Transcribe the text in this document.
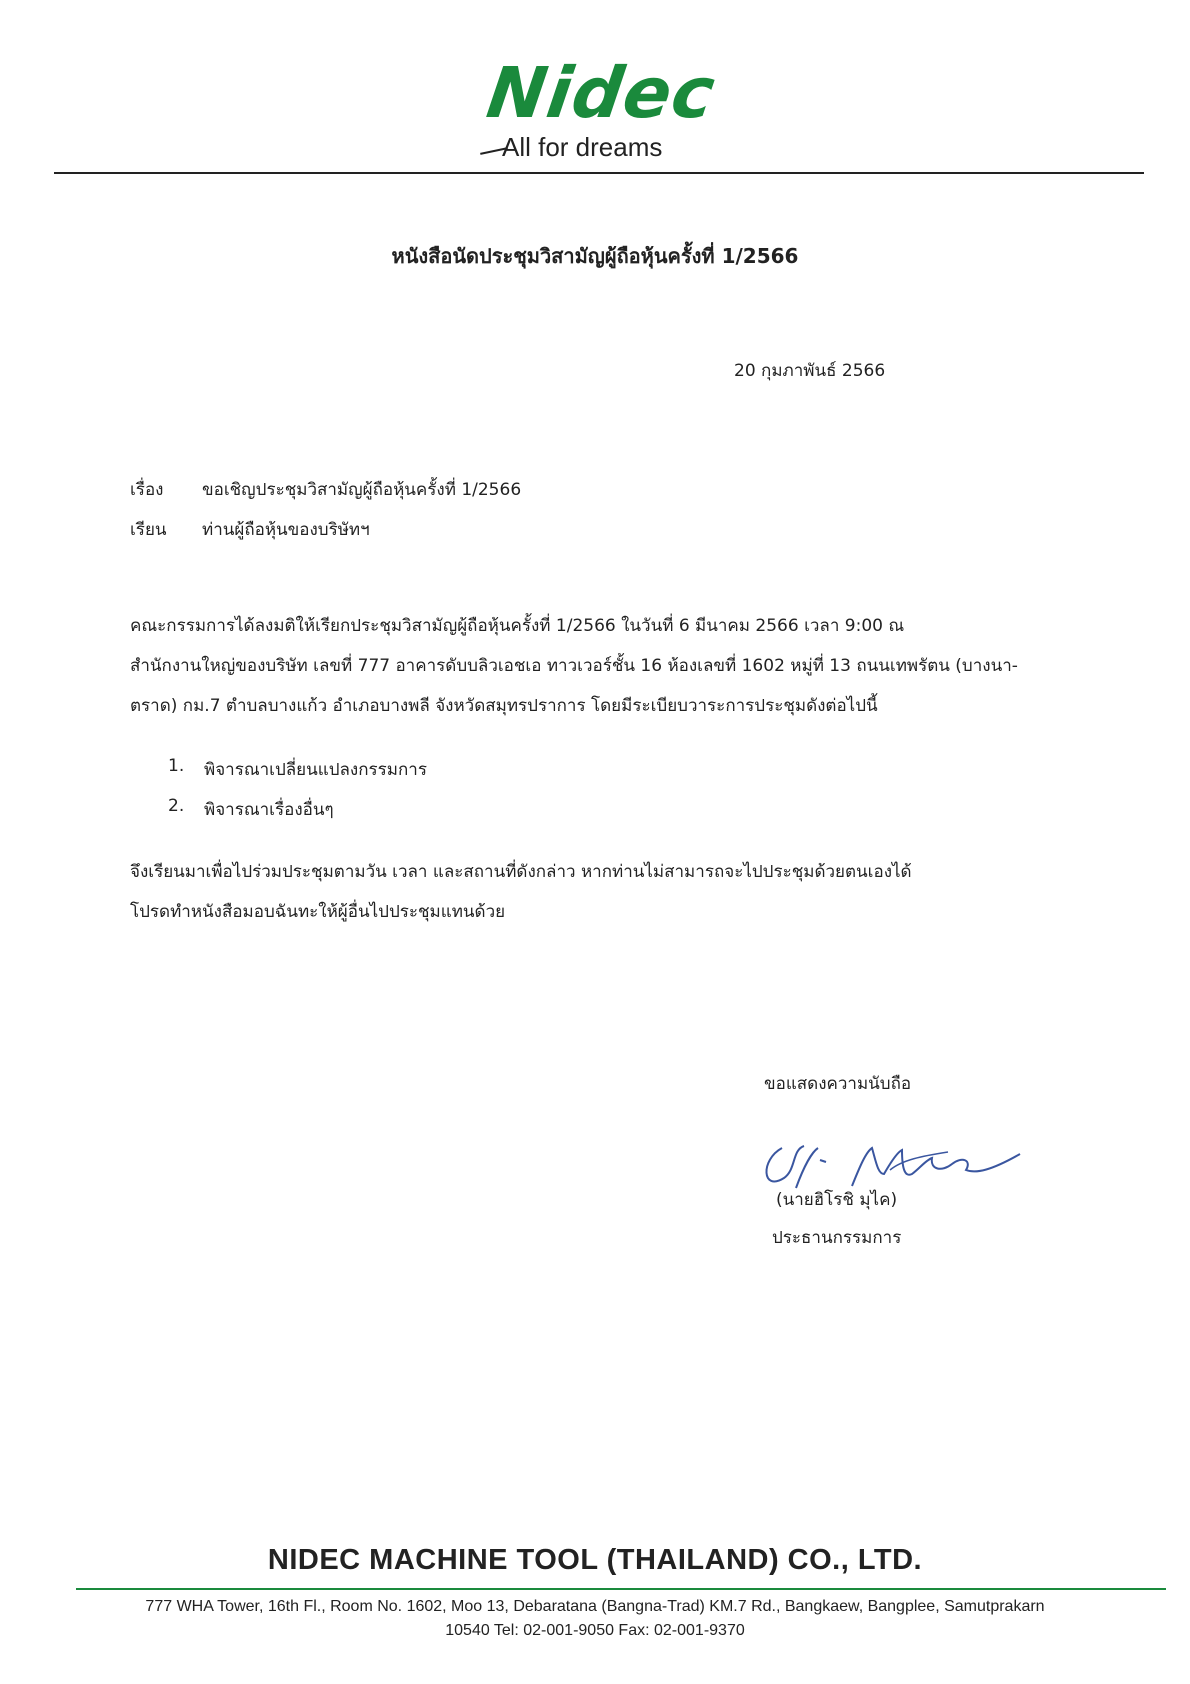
Nidec
All for dreams
หนังสือนัดประชุมวิสามัญผู้ถือหุ้นครั้งที่ 1/2566
20 กุมภาพันธ์ 2566
เรื่อง ขอเชิญประชุมวิสามัญผู้ถือหุ้นครั้งที่ 1/2566
เรียน ท่านผู้ถือหุ้นของบริษัทฯ
คณะกรรมการได้ลงมติให้เรียกประชุมวิสามัญผู้ถือหุ้นครั้งที่ 1/2566 ในวันที่ 6 มีนาคม 2566 เวลา 9:00 ณ
สำนักงานใหญ่ของบริษัท เลขที่ 777 อาคารดับบลิวเอชเอ ทาวเวอร์ชั้น 16 ห้องเลขที่ 1602 หมู่ที่ 13 ถนนเทพรัตน (บางนา-
ตราด) กม.7 ตำบลบางแก้ว อำเภอบางพลี จังหวัดสมุทรปราการ โดยมีระเบียบวาระการประชุมดังต่อไปนี้
1. พิจารณาเปลี่ยนแปลงกรรมการ
2. พิจารณาเรื่องอื่นๆ
จึงเรียนมาเพื่อไปร่วมประชุมตามวัน เวลา และสถานที่ดังกล่าว หากท่านไม่สามารถจะไปประชุมด้วยตนเองได้
โปรดทำหนังสือมอบฉันทะให้ผู้อื่นไปประชุมแทนด้วย
ขอแสดงความนับถือ
(นายฮิโรชิ มุไค)
ประธานกรรมการ
NIDEC MACHINE TOOL (THAILAND) CO., LTD.
777 WHA Tower, 16th Fl., Room No. 1602, Moo 13, Debaratana (Bangna-Trad) KM.7 Rd., Bangkaew, Bangplee, Samutprakarn
10540 Tel: 02-001-9050 Fax: 02-001-9370
